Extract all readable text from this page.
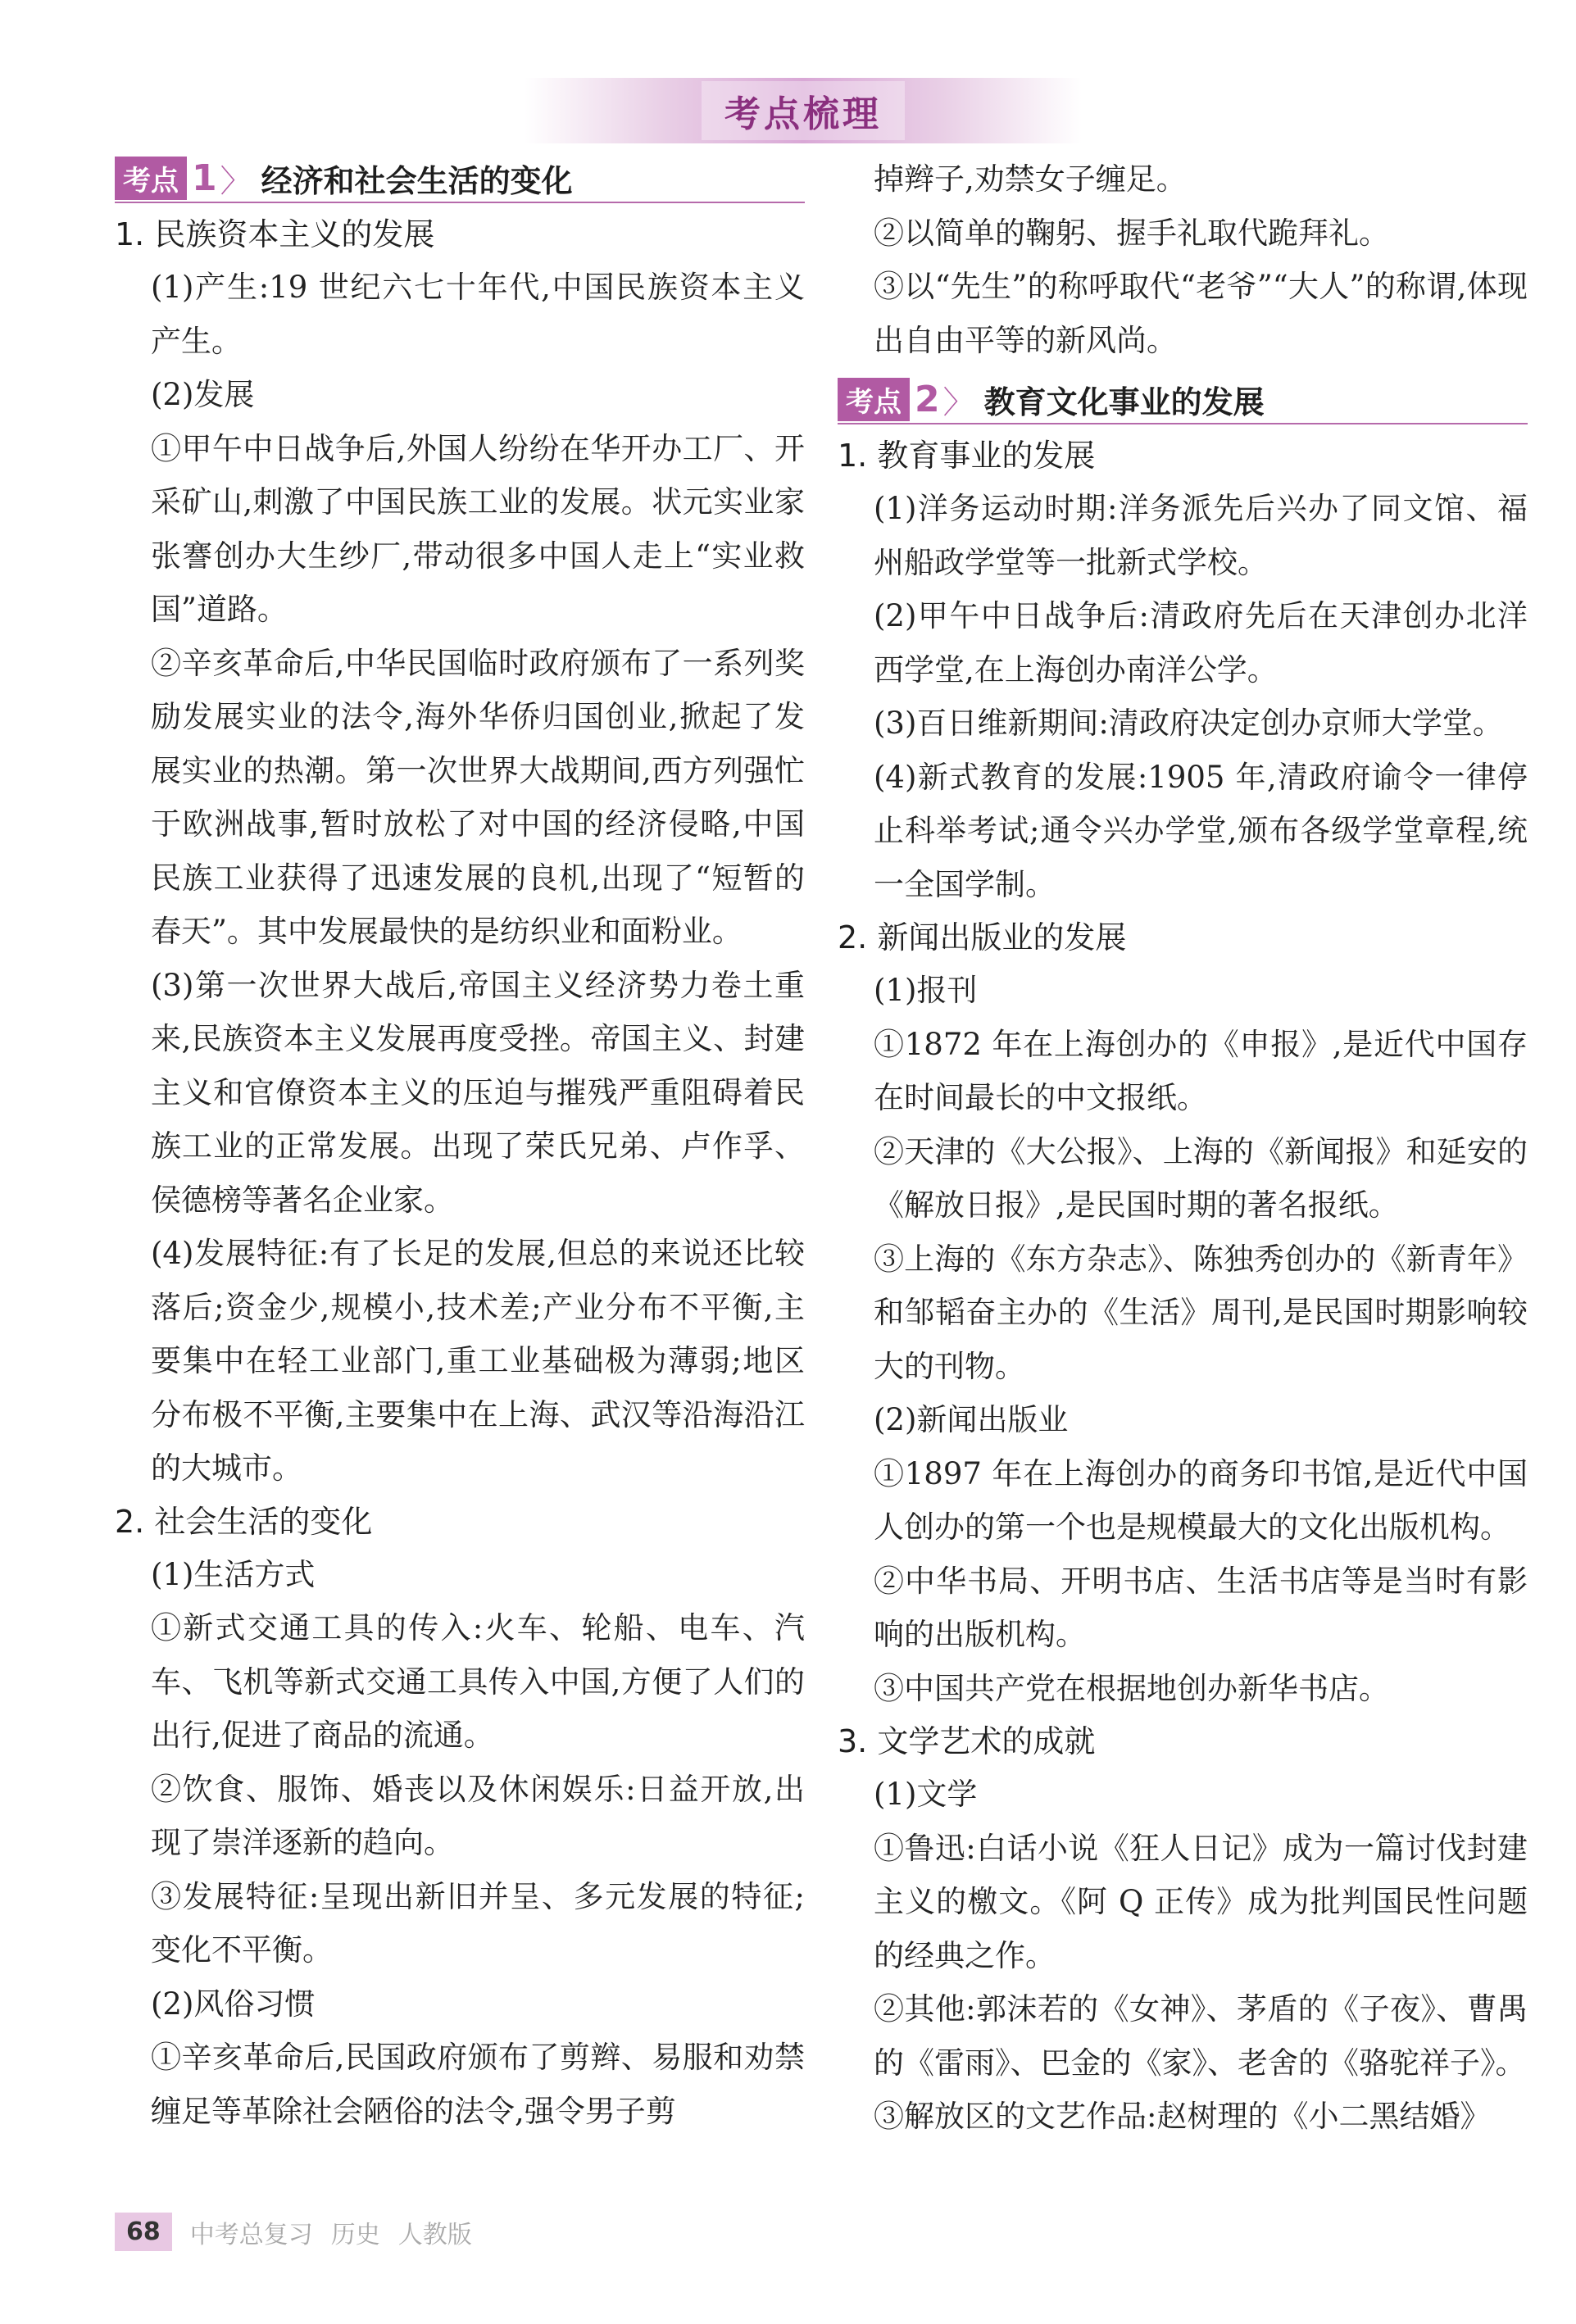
考点梳理
考点 1 〉 经济和社会生活的变化

1. 民族资本主义的发展

(1)产生:19 世纪六七十年代,中国民族资本主义产生。

(2)发展

①甲午中日战争后,外国人纷纷在华开办工厂、开采矿山,刺激了中国民族工业的发展。状元实业家张謇创办大生纱厂,带动很多中国人走上“实业救国”道路。

②辛亥革命后,中华民国临时政府颁布了一系列奖励发展实业的法令,海外华侨归国创业,掀起了发展实业的热潮。第一次世界大战期间,西方列强忙于欧洲战事,暂时放松了对中国的经济侵略,中国民族工业获得了迅速发展的良机,出现了“短暂的春天”。其中发展最快的是纺织业和面粉业。

(3)第一次世界大战后,帝国主义经济势力卷土重来,民族资本主义发展再度受挫。帝国主义、封建主义和官僚资本主义的压迫与摧残严重阻碍着民族工业的正常发展。出现了荣氏兄弟、卢作孚、侯德榜等著名企业家。

(4)发展特征:有了长足的发展,但总的来说还比较落后;资金少,规模小,技术差;产业分布不平衡,主要集中在轻工业部门,重工业基础极为薄弱;地区分布极不平衡,主要集中在上海、武汉等沿海沿江的大城市。

2. 社会生活的变化

(1)生活方式

①新式交通工具的传入:火车、轮船、电车、汽车、飞机等新式交通工具传入中国,方便了人们的出行,促进了商品的流通。

②饮食、服饰、婚丧以及休闲娱乐:日益开放,出现了崇洋逐新的趋向。

③发展特征:呈现出新旧并呈、多元发展的特征;变化不平衡。

(2)风俗习惯

①辛亥革命后,民国政府颁布了剪辫、易服和劝禁缠足等革除社会陋俗的法令,强令男子剪

掉辫子,劝禁女子缠足。

②以简单的鞠躬、握手礼取代跪拜礼。

③以“先生”的称呼取代“老爷”“大人”的称谓,体现出自由平等的新风尚。

考点 2 〉 教育文化事业的发展

1. 教育事业的发展

(1)洋务运动时期:洋务派先后兴办了同文馆、福州船政学堂等一批新式学校。

(2)甲午中日战争后:清政府先后在天津创办北洋西学堂,在上海创办南洋公学。

(3)百日维新期间:清政府决定创办京师大学堂。

(4)新式教育的发展:1905 年,清政府谕令一律停止科举考试;通令兴办学堂,颁布各级学堂章程,统一全国学制。

2. 新闻出版业的发展

(1)报刊

①1872 年在上海创办的《申报》,是近代中国存在时间最长的中文报纸。

②天津的《大公报》、上海的《新闻报》和延安的《解放日报》,是民国时期的著名报纸。

③上海的《东方杂志》、陈独秀创办的《新青年》和邹韬奋主办的《生活》周刊,是民国时期影响较大的刊物。

(2)新闻出版业

①1897 年在上海创办的商务印书馆,是近代中国人创办的第一个也是规模最大的文化出版机构。

②中华书局、开明书店、生活书店等是当时有影响的出版机构。

③中国共产党在根据地创办新华书店。

3. 文学艺术的成就

(1)文学

①鲁迅:白话小说《狂人日记》成为一篇讨伐封建主义的檄文。《阿 Q 正传》成为批判国民性问题的经典之作。

②其他:郭沫若的《女神》、茅盾的《子夜》、曹禺的《雷雨》、巴金的《家》、老舍的《骆驼祥子》。

③解放区的文艺作品:赵树理的《小二黑结婚》

68	中考总复习 历史 人教版
